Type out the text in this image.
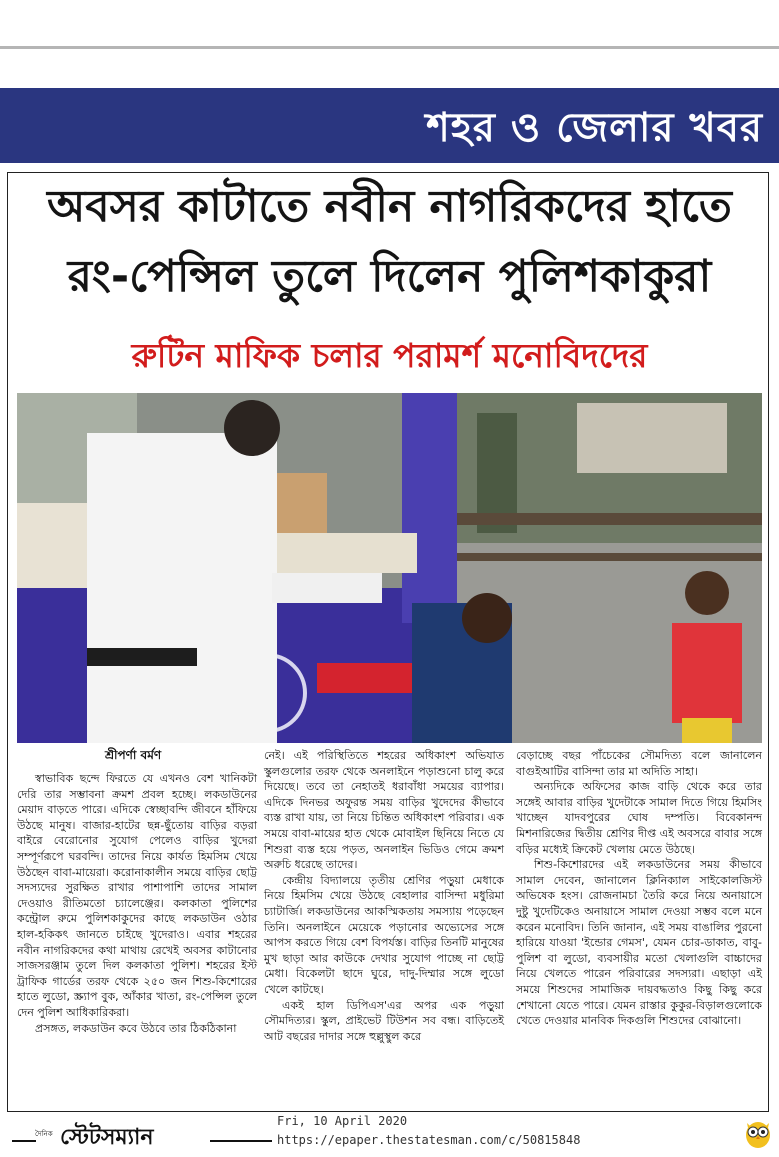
শহর ও জেলার খবর
অবসর কাটাতে নবীন নাগরিকদের হাতে
রং-পেন্সিল তুলে দিলেন পুলিশকাকুরা
রুটিন মাফিক চলার পরামর্শ মনোবিদদের
শ্রীপর্ণা বর্মণ

স্বাভাবিক ছন্দে ফিরতে যে এখনও বেশ খানিকটা দেরি তার সম্ভাবনা ক্রমশ প্রবল হচ্ছে। লকডাউনের মেয়াদ বাড়তে পারে। এদিকে স্বেচ্ছাবন্দি জীবনে হাঁফিয়ে উঠছে মানুষ। বাজার-হাটের ছন্ন-ছুঁতোয় বাড়ির বড়রা বাইরে বেরোনোর সুযোগ পেলেও বাড়ির খুদেরা সম্পূর্ণরূপে ঘরবন্দি। তাদের নিয়ে কার্যত হিমসিম খেয়ে উঠছেন বাবা-মায়েরা। করোনাকালীন সময়ে বাড়ির ছোট্ট সদস্যদের সুরক্ষিত রাখার পাশাপাশি তাদের সামাল দেওয়াও রীতিমতো চ্যালেঞ্জের। কলকাতা পুলিশের কন্ট্রোল রুমে পুলিশকাকুদের কাছে লকডাউন ওঠার হাল-হকিকৎ জানতে চাইছে খুদেরাও। এবার শহরের নবীন নাগরিকদের কথা মাথায় রেখেই অবসর কাটানোর সাজসরঞ্জাম তুলে দিল কলকাতা পুলিশ। শহরের ইস্ট ট্রাফিক গার্ডের তরফ থেকে ২৫০ জন শিশু-কিশোরের হাতে লুডো, স্ক্র্যাপ বুক, আঁকার খাতা, রং-পেন্সিল তুলে দেন পুলিশ আধিকারিকরা।

প্রসঙ্গত, লকডাউন কবে উঠবে তার ঠিকঠিকানা

নেই। এই পরিস্থিতিতে শহরের অধিকাংশ অভিযাত স্কুলগুলোর তরফ থেকে অনলাইনে পড়াশুনো চালু করে দিয়েছে। তবে তা নেহাতই ধরাবাঁধা সময়ের ব্যাপার। এদিকে দিনভর অফুরন্ত সময় বাড়ির খুদেদের কীভাবে ব্যস্ত রাখা যায়, তা নিয়ে চিন্তিত অধিকাংশ পরিবার। এক সময়ে বাবা-মায়ের হাত থেকে মোবাইল ছিনিয়ে নিতে যে শিশুরা ব্যস্ত হয়ে পড়ত, অনলাইন ভিডিও গেমে ক্রমশ অরুচি ধরেছে তাদের।

কেন্দ্রীয় বিদ্যালয়ে তৃতীয় শ্রেণির পড়ুয়া মেধাকে নিয়ে হিমসিম খেয়ে উঠছে বেহালার বাসিন্দা মধুরিমা চ্যাটার্জি। লকডাউনের আকস্মিকতায় সমস্যায় পড়েছেন তিনি। অনলাইনে মেয়েকে পড়ানোর অভ্যেসের সঙ্গে আপস করতে গিয়ে বেশ বিপর্যস্ত। বাড়ির তিনটি মানুষের মুখ ছাড়া আর কাউকে দেখার সুযোগ পাচ্ছে না ছোট্ট মেধা। বিকেলটা ছাদে ঘুরে, দাদু-দিম্মার সঙ্গে লুডো খেলে কাটছে।

একই হাল ডিপিএস'এর অপর এক পড়ুয়া সৌমদিত্যর। স্কুল, প্রাইভেট টিউশন সব বন্ধ। বাড়িতেই আট বছরের দাদার সঙ্গে হুল্লুস্থুল করে

বেড়াচ্ছে বছর পাঁচেকের সৌমদিত্য বলে জানালেন বাগুইআটির বাসিন্দা তার মা অদিতি সাহা।

অন্যদিকে অফিসের কাজ বাড়ি থেকে করে তার সঙ্গেই আবার বাড়ির খুদেটাকে সামাল দিতে গিয়ে হিমসিং খাচ্ছেন যাদবপুরের ঘোষ দম্পতি। বিবেকানন্দ মিশনারিজের দ্বিতীয় শ্রেণির দীপ্ত এই অবসরে বাবার সঙ্গে বড়ির মধ্যেই ক্রিকেট খেলায় মেতে উঠছে।

শিশু-কিশোরদের এই লকডাউনের সময় কীভাবে সামাল দেবেন, জানালেন ক্লিনিক্যাল সাইকোলজিস্ট অভিষেক হংস। রোজনামচা তৈরি করে নিয়ে অনায়াসে দুষ্টু খুদেটিকেও অনায়াসে সামাল দেওয়া সম্ভব বলে মনে করেন মনোবিদ। তিনি জানান, এই সময় বাঙালির পুরনো হারিয়ে যাওয়া 'ইন্ডোর গেমস', যেমন চোর-ডাকাত, বাবু-পুলিশ বা লুডো, ব্যবসায়ীর মতো খেলাগুলি বাচ্চাদের নিয়ে খেলতে পারেন পরিবারের সদস্যরা। এছাড়া এই সময়ে শিশুদের সামাজিক দায়বদ্ধতাও কিছু কিছু করে শেখানো যেতে পারে। যেমন রাস্তার কুকুর-বিড়ালগুলোকে খেতে দেওয়ার মানবিক দিকগুলি শিশুদের বোঝানো।

দৈনিক স্টেটসম্যান
Fri, 10 April 2020
https://epaper.thestatesman.com/c/50815848
